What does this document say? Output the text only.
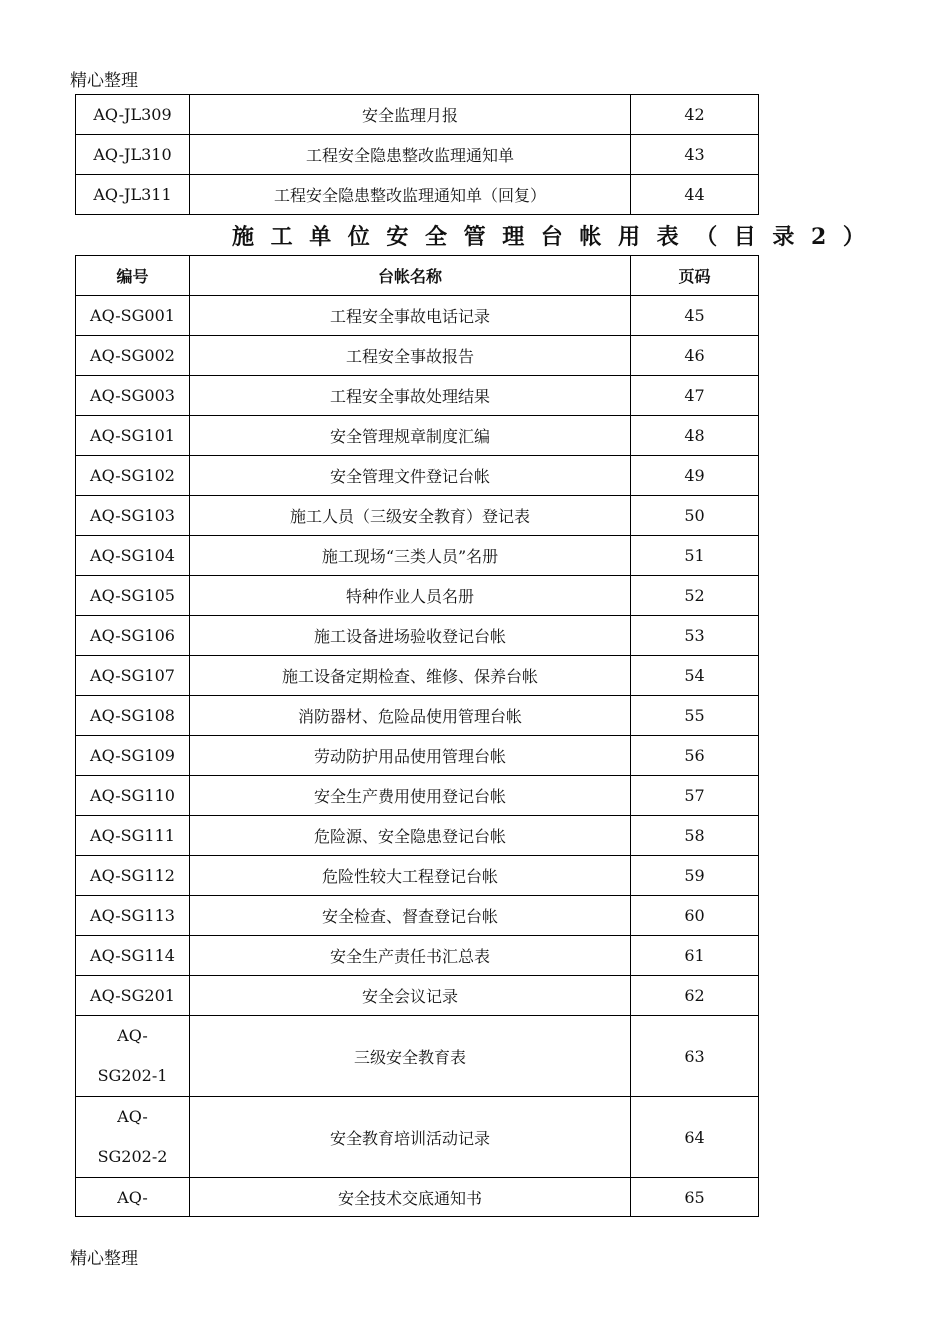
精心整理
AQ-JL309	安全监理月报	42
AQ-JL310	工程安全隐患整改监理通知单	43
AQ-JL311	工程安全隐患整改监理通知单（回复）	44
施工单位安全管理台帐用表（目录2）
编号	台帐名称	页码
AQ-SG001	工程安全事故电话记录	45
AQ-SG002	工程安全事故报告	46
AQ-SG003	工程安全事故处理结果	47
AQ-SG101	安全管理规章制度汇编	48
AQ-SG102	安全管理文件登记台帐	49
AQ-SG103	施工人员（三级安全教育）登记表	50
AQ-SG104	施工现场“三类人员”名册	51
AQ-SG105	特种作业人员名册	52
AQ-SG106	施工设备进场验收登记台帐	53
AQ-SG107	施工设备定期检查、维修、保养台帐	54
AQ-SG108	消防器材、危险品使用管理台帐	55
AQ-SG109	劳动防护用品使用管理台帐	56
AQ-SG110	安全生产费用使用登记台帐	57
AQ-SG111	危险源、安全隐患登记台帐	58
AQ-SG112	危险性较大工程登记台帐	59
AQ-SG113	安全检查、督查登记台帐	60
AQ-SG114	安全生产责任书汇总表	61
AQ-SG201	安全会议记录	62

AQ-
SG202-1	三级安全教育表	63

AQ-
SG202-2	安全教育培训活动记录	64
AQ-	安全技术交底通知书	65
精心整理
